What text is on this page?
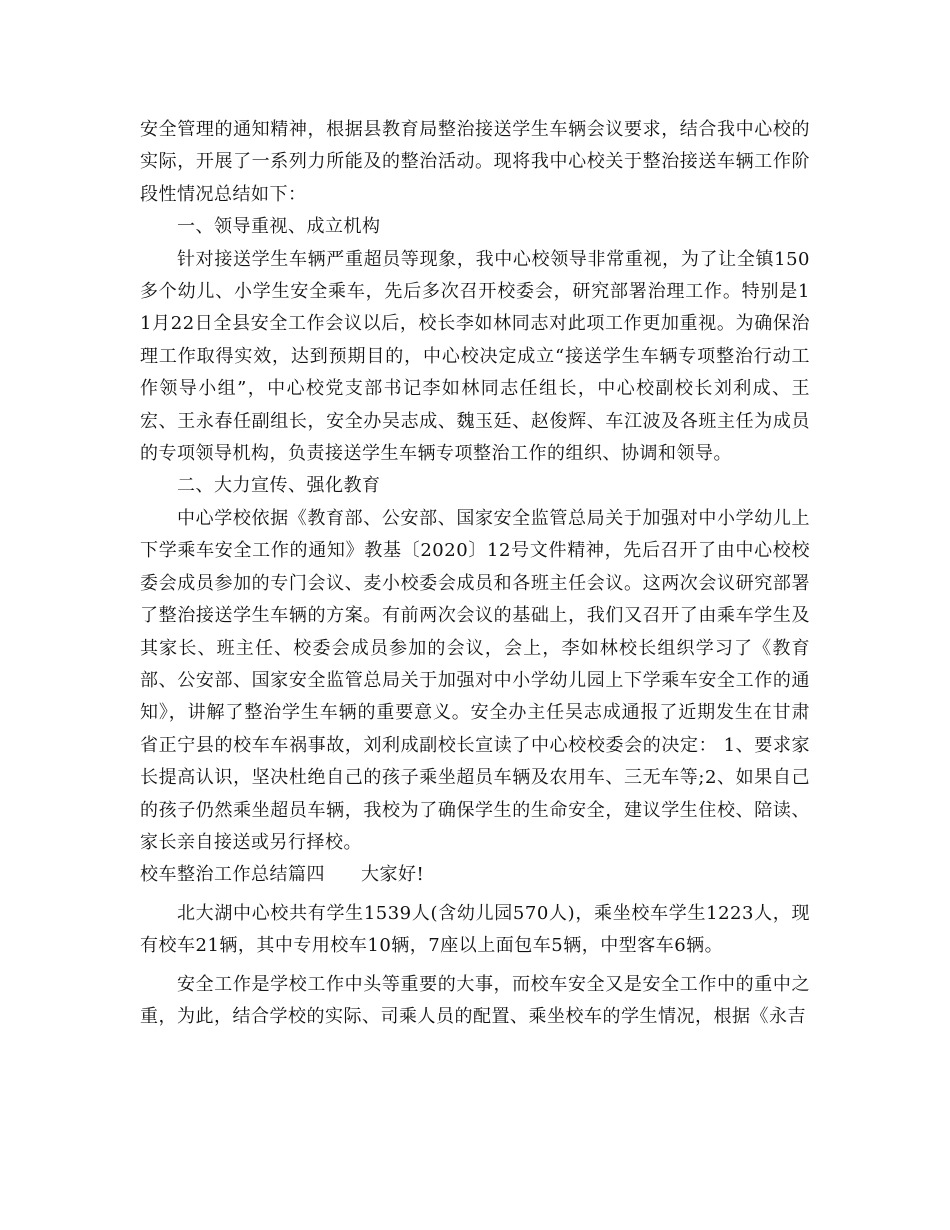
安全管理的通知精神，根据县教育局整治接送学生车辆会议要求，结合我中心校的实际，开展了一系列力所能及的整治活动。现将我中心校关于整治接送车辆工作阶段性情况总结如下：

一、领导重视、成立机构

针对接送学生车辆严重超员等现象，我中心校领导非常重视，为了让全镇150多个幼儿、小学生安全乘车，先后多次召开校委会，研究部署治理工作。特别是11月22日全县安全工作会议以后，校长李如林同志对此项工作更加重视。为确保治理工作取得实效，达到预期目的，中心校决定成立“接送学生车辆专项整治行动工作领导小组”，中心校党支部书记李如林同志任组长，中心校副校长刘利成、王宏、王永春任副组长，安全办吴志成、魏玉廷、赵俊辉、车江波及各班主任为成员的专项领导机构，负责接送学生车辆专项整治工作的组织、协调和领导。

二、大力宣传、强化教育

中心学校依据《教育部、公安部、国家安全监管总局关于加强对中小学幼儿上下学乘车安全工作的通知》教基〔2020〕12号文件精神，先后召开了由中心校校委会成员参加的专门会议、麦小校委会成员和各班主任会议。这两次会议研究部署了整治接送学生车辆的方案。有前两次会议的基础上，我们又召开了由乘车学生及其家长、班主任、校委会成员参加的会议，会上，李如林校长组织学习了《教育部、公安部、国家安全监管总局关于加强对中小学幼儿园上下学乘车安全工作的通知》，讲解了整治学生车辆的重要意义。安全办主任吴志成通报了近期发生在甘肃省正宁县的校车车祸事故，刘利成副校长宣读了中心校校委会的决定： 1、要求家长提高认识，坚决杜绝自己的孩子乘坐超员车辆及农用车、三无车等;2、如果自己的孩子仍然乘坐超员车辆，我校为了确保学生的生命安全，建议学生住校、陪读、家长亲自接送或另行择校。

校车整治工作总结篇四 大家好!

北大湖中心校共有学生1539人(含幼儿园570人)，乘坐校车学生1223人，现有校车21辆，其中专用校车10辆，7座以上面包车5辆，中型客车6辆。

安全工作是学校工作中头等重要的大事，而校车安全又是安全工作中的重中之重，为此，结合学校的实际、司乘人员的配置、乘坐校车的学生情况，根据《永吉
